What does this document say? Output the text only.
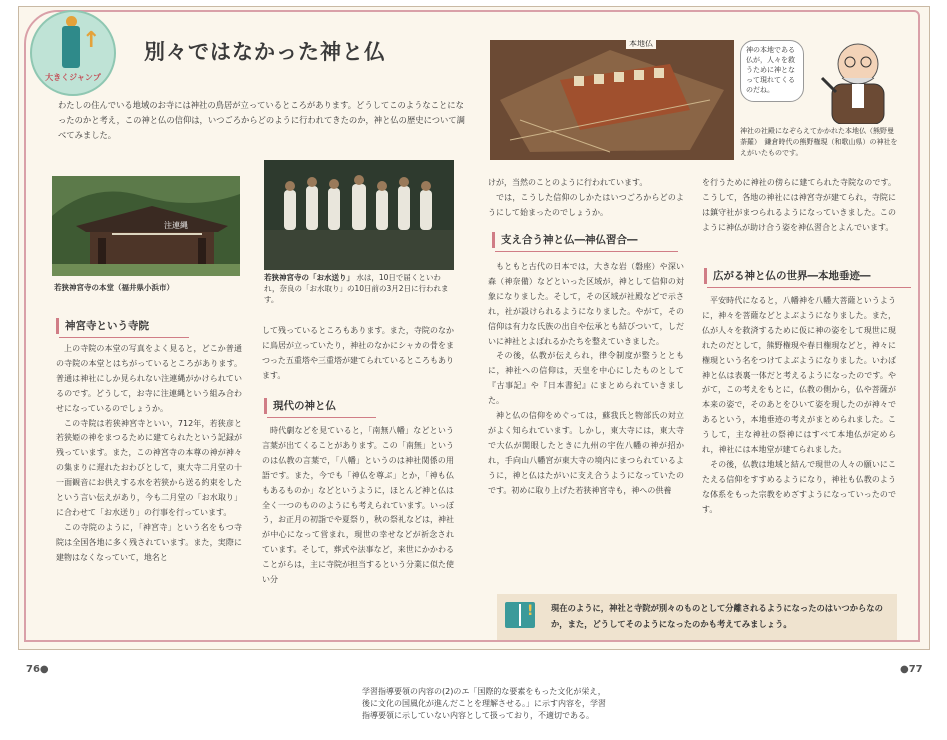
↑
大きくジャンプ
別々ではなかった神と仏
わたしの住んでいる地域のお寺には神社の鳥居が立っているところがあります。どうしてこのようなことになったのかと考え，この神と仏の信仰は，いつごろからどのように行われてきたのか，神と仏の歴史について調べてみました。
注連縄
若狭神宮寺の本堂（福井県小浜市）
若狭神宮寺の「お水送り」 水は，10日で届くといわれ，奈良の「お水取り」の10日前の3月2日に行われます。
本地仏
神社の社殿になぞらえてかかれた本地仏（熊野曼荼羅）　鎌倉時代の熊野権現（和歌山県）の神社をえがいたものです。
神の本地である仏が，人々を救うために神となって現れてくるのだね。
神宮寺という寺院

上の寺院の本堂の写真をよく見ると，どこか普通の寺院の本堂とはちがっているところがあります。普通は神社にしか見られない注連縄がかけられているのです。どうして，お寺に注連縄という組み合わせになっているのでしょうか。

この寺院は若狭神宮寺といい，712年，若狭彦と若狭姫の神をまつるために建てられたという記録が残っています。また，この神宮寺の本尊の神が神々の集まりに遅れたおわびとして，東大寺二月堂の十一面観音にお供えする水を若狭から送る約束をしたという言い伝えがあり，今も二月堂の「お水取り」に合わせて「お水送り」の行事を行っています。

この寺院のように，「神宮寺」という名をもつ寺院は全国各地に多く残されています。また，実際に建物はなくなっていて，地名と

して残っているところもあります。また，寺院のなかに鳥居が立っていたり，神社のなかにシャカの骨をまつった五重塔や三重塔が建てられているところもあります。
現代の神と仏

時代劇などを見ていると，「南無八幡」などという言葉が出てくることがあります。この「南無」というのは仏教の言葉で，「八幡」というのは神社関係の用語です。また，今でも「神仏を尊ぶ」とか，「神も仏もあるものか」などというように，ほとんど神と仏は全く一つのもののようにも考えられています。いっぽう，お正月の初詣でや夏祭り，秋の祭礼などは，神社が中心になって営まれ，現世の幸せなどが祈念されています。そして，葬式や法事など，来世にかかわることがらは，主に寺院が担当するという分業に似た使い分

けが，当然のことのように行われています。

では，こうした信仰のしかたはいつごろからどのようにして始まったのでしょうか。

支え合う神と仏―神仏習合―

もともと古代の日本では，大きな岩（磐座）や深い森（神奈備）などといった区域が，神として信仰の対象になりました。そして，その区域が社殿などで示され，社が設けられるようになりました。やがて，その信仰は有力な氏族の出自や伝承とも結びついて，しだいに神社とよばれるかたちを整えていきました。

その後，仏教が伝えられ，律令制度が整うとともに，神社への信仰は，天皇を中心にしたものとして『古事記』や『日本書紀』にまとめられていきました。

神と仏の信仰をめぐっては，蘇我氏と物部氏の対立がよく知られています。しかし，東大寺には，東大寺で大仏が開眼したときに九州の宇佐八幡の神が招かれ，手向山八幡宮が東大寺の境内にまつられているように，神と仏はたがいに支え合うようになっていたのです。初めに取り上げた若狭神宮寺も，神への供養

を行うために神社の傍らに建てられた寺院なのです。こうして，各地の神社には神宮寺が建てられ，寺院には鎮守社がまつられるようになっていきました。このように神仏が助け合う姿を神仏習合とよんでいます。
広がる神と仏の世界―本地垂迹―

平安時代になると，八幡神を八幡大菩薩というように，神々を菩薩などとよぶようになりました。また，仏が人々を救済するために仮に神の姿をして現世に現れたのだとして，熊野権現や春日権現などと，神々に権現という名をつけてよぶようになりました。いわば神と仏は表裏一体だと考えるようになったのです。やがて，この考えをもとに，仏教の側から，仏や菩薩が本来の姿で，そのあとをひいて姿を現したのが神々であるという，本地垂迹の考えがまとめられました。こうして，主な神社の祭神にはすべて本地仏が定められ，神社には本地堂が建てられました。

その後，仏教は地域と結んで現世の人々の願いにこたえる信仰をすすめるようになり，神社も仏教のような体系をもった宗教をめざすようになっていったのです。

! 現在のように，神社と寺院が別々のものとして分離されるようになったのはいつからなのか，また，どうしてそのようになったのかも考えてみましょう。
76●	●77
学習指導要領の内容の(2)のエ「国際的な要素をもった文化が栄え，後に文化の国風化が進んだことを理解させる。」に示す内容を，学習指導要領に示していない内容として扱っており，不適切である。
